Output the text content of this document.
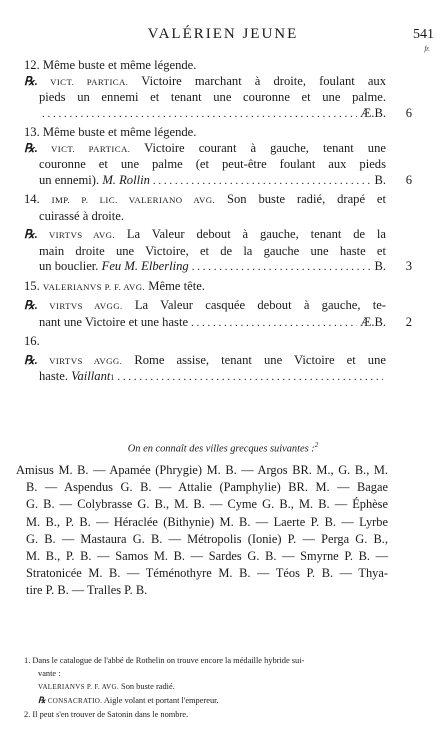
VALÉRIEN JEUNE	541
fr.
12. Même buste et même légende.
℞. VICT. PARTICA. Victoire marchant à droite, foulant aux
pieds un ennemi et tenant une couronne et une palme.
. . .
Æ.B.	6
13. Même buste et même légende.
℞. VICT. PARTICA. Victoire courant à gauche, tenant une
couronne et une palme (et peut-être foulant aux pieds
un ennemi).
M. Rollin . . .	B.	6
14. IMP. P. LIC. VALERIANO AVG. Son buste radié, drapé et
cuirassé à droite.
℞. VIRTVS AVG. La Valeur debout à gauche, tenant de la
main droite une Victoire, et de la gauche une haste et
un bouclier.
Feu M. Elberling . . .	B.	3
15. VALERIANVS P. F. AVG. Même tête.
℞. VIRTVS AVGG. La Valeur casquée debout à gauche, te-
nant une Victoire et une haste . . .	Æ.B.	2
16.
℞. VIRTVS AVGG. Rome assise, tenant une Victoire et une
haste.
Vaillant 1
. . .
On en connaît des villes grecques suivantes :$^2$
Amisus M. B. — Apamée (Phrygie) M. B. — Argos BR. M., G. B., M.
B. — Aspendus G. B. — Attalie (Pamphylie) BR. M. — Bagae
G. B. — Colybrasse G. B., M. B. — Cyme G. B., M. B. — Éphèse
M. B., P. B. — Héraclée (Bithynie) M. B. — Laerte P. B. — Lyrbe
G. B. — Mastaura G. B. — Métropolis (Ionie) P. — Perga G. B.,
M. B., P. B. — Samos M. B. — Sardes G. B. — Smyrne P. B. —
Stratonicée M. B. — Téménothyre M. B. — Téos P. B. — Thya-
tire P. B. — Tralles P. B.
1. Dans le catalogue de l'abbé de Rothelin on trouve encore la médaille hybride sui-
vante :
VALERIANVS P. F. AVG. Son buste radié.
℞ CONSACRATIO. Aigle volant et portant l'empereur.
2. Il peut s'en trouver de Satonin dans le nombre.
